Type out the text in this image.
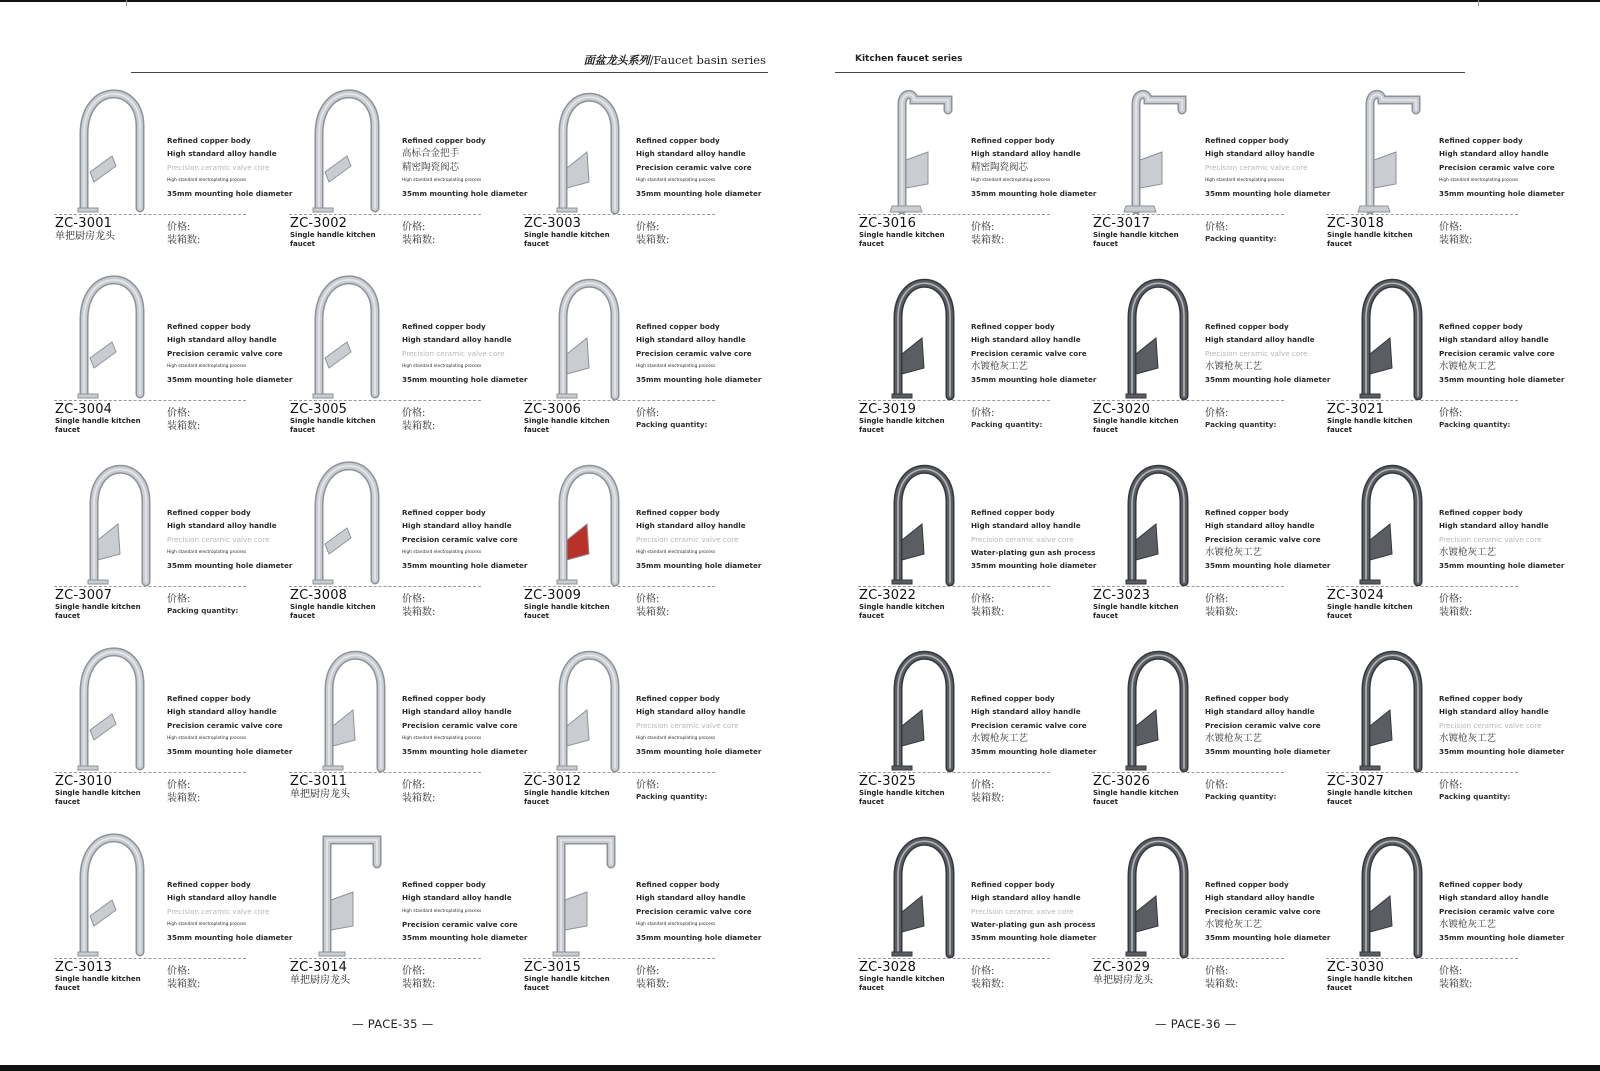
面盆龙头系列/Faucet basin series
Refined copper body
High standard alloy handle
Precision ceramic valve core
High standard electroplating process
35mm mounting hole diameter
ZC-3001
单把厨房龙头
价格:
装箱数:
Refined copper body
高标合金把手
精密陶瓷阀芯
High standard electroplating process
35mm mounting hole diameter
ZC-3002
Single handle kitchen faucet
价格:
装箱数:
Refined copper body
High standard alloy handle
Precision ceramic valve core
High standard electroplating process
35mm mounting hole diameter
ZC-3003
Single handle kitchen faucet
价格:
装箱数:
Refined copper body
High standard alloy handle
Precision ceramic valve core
High standard electroplating process
35mm mounting hole diameter
ZC-3004
Single handle kitchen faucet
价格:
装箱数:
Refined copper body
High standard alloy handle
Precision ceramic valve core
High standard electroplating process
35mm mounting hole diameter
ZC-3005
Single handle kitchen faucet
价格:
装箱数:
Refined copper body
High standard alloy handle
Precision ceramic valve core
High standard electroplating process
35mm mounting hole diameter
ZC-3006
Single handle kitchen faucet
价格:
Packing quantity:
Refined copper body
High standard alloy handle
Precision ceramic valve core
High standard electroplating process
35mm mounting hole diameter
ZC-3007
Single handle kitchen faucet
价格:
Packing quantity:
Refined copper body
High standard alloy handle
Precision ceramic valve core
High standard electroplating process
35mm mounting hole diameter
ZC-3008
Single handle kitchen faucet
价格:
装箱数:
Refined copper body
High standard alloy handle
Precision ceramic valve core
High standard electroplating process
35mm mounting hole diameter
ZC-3009
Single handle kitchen faucet
价格:
装箱数:
Refined copper body
High standard alloy handle
Precision ceramic valve core
High standard electroplating process
35mm mounting hole diameter
ZC-3010
Single handle kitchen faucet
价格:
装箱数:
Refined copper body
High standard alloy handle
Precision ceramic valve core
High standard electroplating process
35mm mounting hole diameter
ZC-3011
单把厨房龙头
价格:
装箱数:
Refined copper body
High standard alloy handle
Precision ceramic valve core
High standard electroplating process
35mm mounting hole diameter
ZC-3012
Single handle kitchen faucet
价格:
Packing quantity:
Refined copper body
High standard alloy handle
Precision ceramic valve core
High standard electroplating process
35mm mounting hole diameter
ZC-3013
Single handle kitchen faucet
价格:
装箱数:
Refined copper body
High standard alloy handle
High standard electroplating process
Precision ceramic valve core
35mm mounting hole diameter
ZC-3014
单把厨房龙头
价格:
装箱数:
Refined copper body
High standard alloy handle
Precision ceramic valve core
High standard electroplating process
35mm mounting hole diameter
ZC-3015
Single handle kitchen faucet
价格:
装箱数:
— PACE-35 —
Kitchen faucet series
Refined copper body
High standard alloy handle
精密陶瓷阀芯
High standard electroplating process
35mm mounting hole diameter
ZC-3016
Single handle kitchen faucet
价格:
装箱数:
Refined copper body
High standard alloy handle
Precision ceramic valve core
High standard electroplating process
35mm mounting hole diameter
ZC-3017
Single handle kitchen faucet
价格:
Packing quantity:
Refined copper body
High standard alloy handle
Precision ceramic valve core
High standard electroplating process
35mm mounting hole diameter
ZC-3018
Single handle kitchen faucet
价格:
装箱数:
Refined copper body
High standard alloy handle
Precision ceramic valve core
水镀枪灰工艺
35mm mounting hole diameter
ZC-3019
Single handle kitchen faucet
价格:
Packing quantity:
Refined copper body
High standard alloy handle
Precision ceramic valve core
水镀枪灰工艺
35mm mounting hole diameter
ZC-3020
Single handle kitchen faucet
价格:
Packing quantity:
Refined copper body
High standard alloy handle
Precision ceramic valve core
水镀枪灰工艺
35mm mounting hole diameter
ZC-3021
Single handle kitchen faucet
价格:
Packing quantity:
Refined copper body
High standard alloy handle
Precision ceramic valve core
Water-plating gun ash process
35mm mounting hole diameter
ZC-3022
Single handle kitchen faucet
价格:
装箱数:
Refined copper body
High standard alloy handle
Precision ceramic valve core
水镀枪灰工艺
35mm mounting hole diameter
ZC-3023
Single handle kitchen faucet
价格:
装箱数:
Refined copper body
High standard alloy handle
Precision ceramic valve core
水镀枪灰工艺
35mm mounting hole diameter
ZC-3024
Single handle kitchen faucet
价格:
装箱数:
Refined copper body
High standard alloy handle
Precision ceramic valve core
水镀枪灰工艺
35mm mounting hole diameter
ZC-3025
Single handle kitchen faucet
价格:
装箱数:
Refined copper body
High standard alloy handle
Precision ceramic valve core
水镀枪灰工艺
35mm mounting hole diameter
ZC-3026
Single handle kitchen faucet
价格:
Packing quantity:
Refined copper body
High standard alloy handle
Precision ceramic valve core
水镀枪灰工艺
35mm mounting hole diameter
ZC-3027
Single handle kitchen faucet
价格:
Packing quantity:
Refined copper body
High standard alloy handle
Precision ceramic valve core
Water-plating gun ash process
35mm mounting hole diameter
ZC-3028
Single handle kitchen faucet
价格:
装箱数:
Refined copper body
High standard alloy handle
Precision ceramic valve core
水镀枪灰工艺
35mm mounting hole diameter
ZC-3029
单把厨房龙头
价格:
装箱数:
Refined copper body
High standard alloy handle
Precision ceramic valve core
水镀枪灰工艺
35mm mounting hole diameter
ZC-3030
Single handle kitchen faucet
价格:
装箱数:
— PACE-36 —
